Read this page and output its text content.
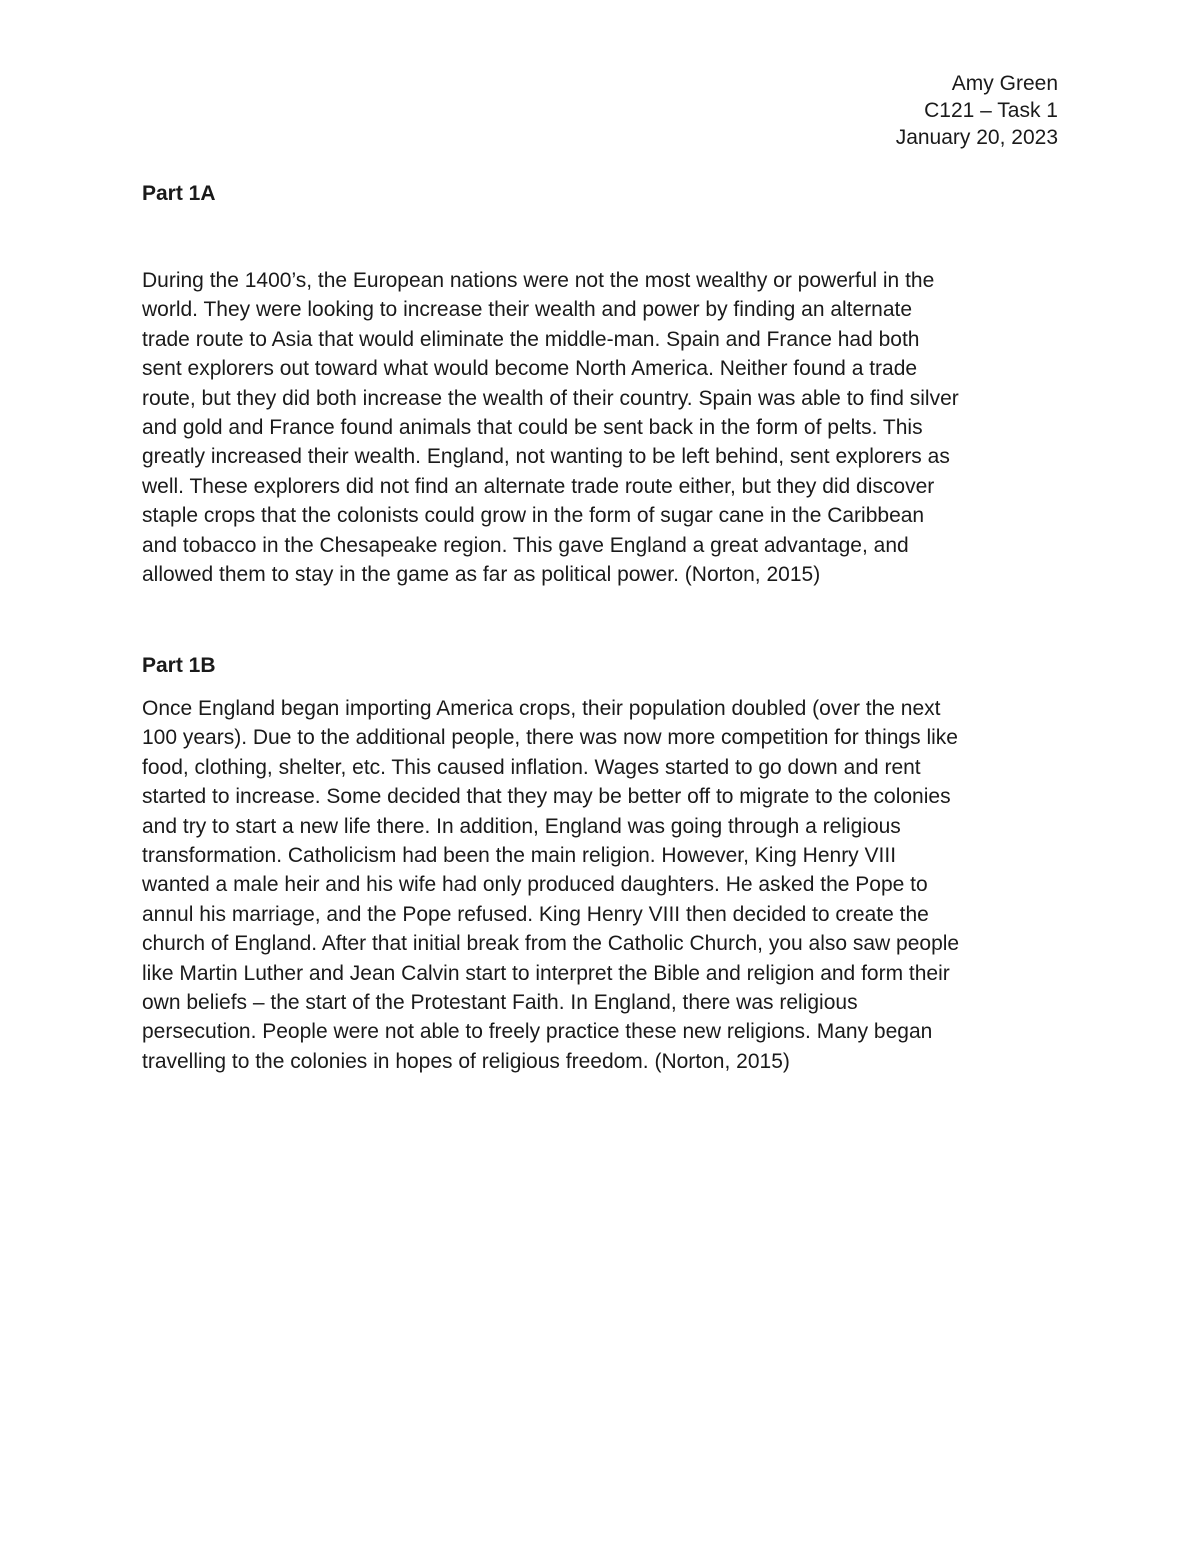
Amy Green
C121 – Task 1
January 20, 2023
Part 1A

During the 1400’s, the European nations were not the most wealthy or powerful in the
world. They were looking to increase their wealth and power by finding an alternate
trade route to Asia that would eliminate the middle-man. Spain and France had both
sent explorers out toward what would become North America. Neither found a trade
route, but they did both increase the wealth of their country. Spain was able to find silver
and gold and France found animals that could be sent back in the form of pelts. This
greatly increased their wealth. England, not wanting to be left behind, sent explorers as
well. These explorers did not find an alternate trade route either, but they did discover
staple crops that the colonists could grow in the form of sugar cane in the Caribbean
and tobacco in the Chesapeake region. This gave England a great advantage, and
allowed them to stay in the game as far as political power. (Norton, 2015)

Part 1B

Once England began importing America crops, their population doubled (over the next
100 years). Due to the additional people, there was now more competition for things like
food, clothing, shelter, etc. This caused inflation. Wages started to go down and rent
started to increase. Some decided that they may be better off to migrate to the colonies
and try to start a new life there. In addition, England was going through a religious
transformation. Catholicism had been the main religion. However, King Henry VIII
wanted a male heir and his wife had only produced daughters. He asked the Pope to
annul his marriage, and the Pope refused. King Henry VIII then decided to create the
church of England. After that initial break from the Catholic Church, you also saw people
like Martin Luther and Jean Calvin start to interpret the Bible and religion and form their
own beliefs – the start of the Protestant Faith. In England, there was religious
persecution. People were not able to freely practice these new religions. Many began
travelling to the colonies in hopes of religious freedom. (Norton, 2015)
